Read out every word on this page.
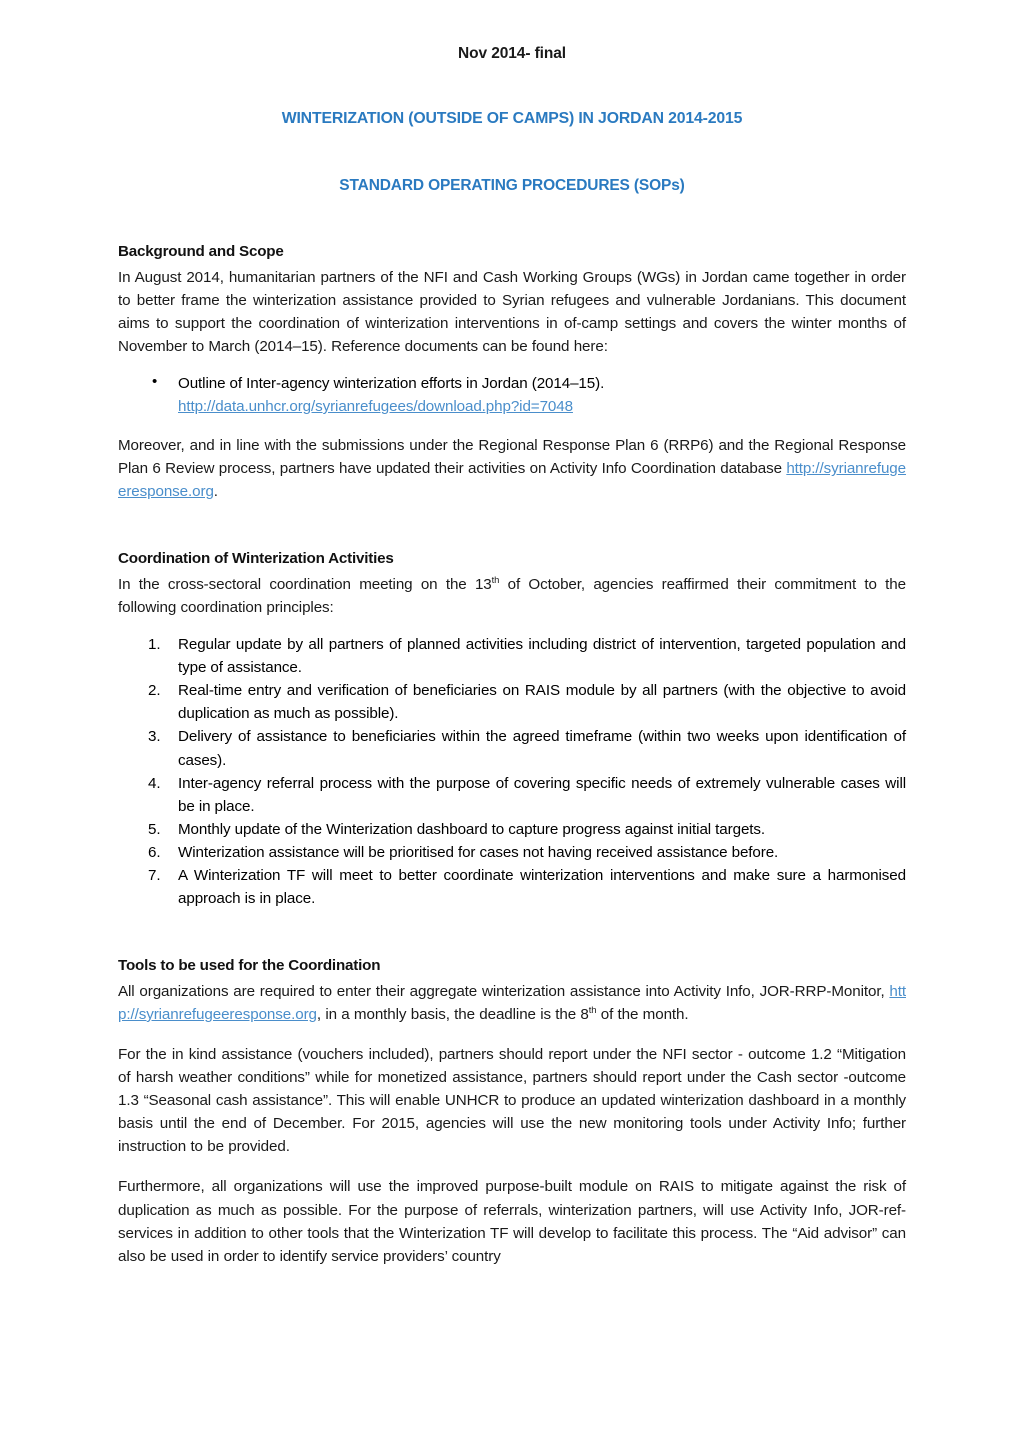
Nov 2014- final
WINTERIZATION (OUTSIDE OF CAMPS) IN JORDAN 2014-2015
STANDARD OPERATING PROCEDURES (SOPs)
Background and Scope

In August 2014, humanitarian partners of the NFI and Cash Working Groups (WGs) in Jordan came together in order to better frame the winterization assistance provided to Syrian refugees and vulnerable Jordanians. This document aims to support the coordination of winterization interventions in of-camp settings and covers the winter months of November to March (2014–15). Reference documents can be found here:

• Outline of Inter-agency winterization efforts in Jordan (2014–15).
http://data.unhcr.org/syrianrefugees/download.php?id=7048

Moreover, and in line with the submissions under the Regional Response Plan 6 (RRP6) and the Regional Response Plan 6 Review process, partners have updated their activities on Activity Info Coordination database http://syrianrefugeeresponse.org.

Coordination of Winterization Activities

In the cross-sectoral coordination meeting on the 13th of October, agencies reaffirmed their commitment to the following coordination principles:

Regular update by all partners of planned activities including district of intervention, targeted population and type of assistance.
Real-time entry and verification of beneficiaries on RAIS module by all partners (with the objective to avoid duplication as much as possible).
Delivery of assistance to beneficiaries within the agreed timeframe (within two weeks upon identification of cases).
Inter-agency referral process with the purpose of covering specific needs of extremely vulnerable cases will be in place.
Monthly update of the Winterization dashboard to capture progress against initial targets.
Winterization assistance will be prioritised for cases not having received assistance before.
A Winterization TF will meet to better coordinate winterization interventions and make sure a harmonised approach is in place.
Tools to be used for the Coordination

All organizations are required to enter their aggregate winterization assistance into Activity Info, JOR-RRP-Monitor, http://syrianrefugeeresponse.org, in a monthly basis, the deadline is the 8th of the month.

For the in kind assistance (vouchers included), partners should report under the NFI sector - outcome 1.2 “Mitigation of harsh weather conditions” while for monetized assistance, partners should report under the Cash sector -outcome 1.3 “Seasonal cash assistance”. This will enable UNHCR to produce an updated winterization dashboard in a monthly basis until the end of December. For 2015, agencies will use the new monitoring tools under Activity Info; further instruction to be provided.

Furthermore, all organizations will use the improved purpose-built module on RAIS to mitigate against the risk of duplication as much as possible. For the purpose of referrals, winterization partners, will use Activity Info, JOR-ref- services in addition to other tools that the Winterization TF will develop to facilitate this process. The “Aid advisor” can also be used in order to identify service providers’ country
